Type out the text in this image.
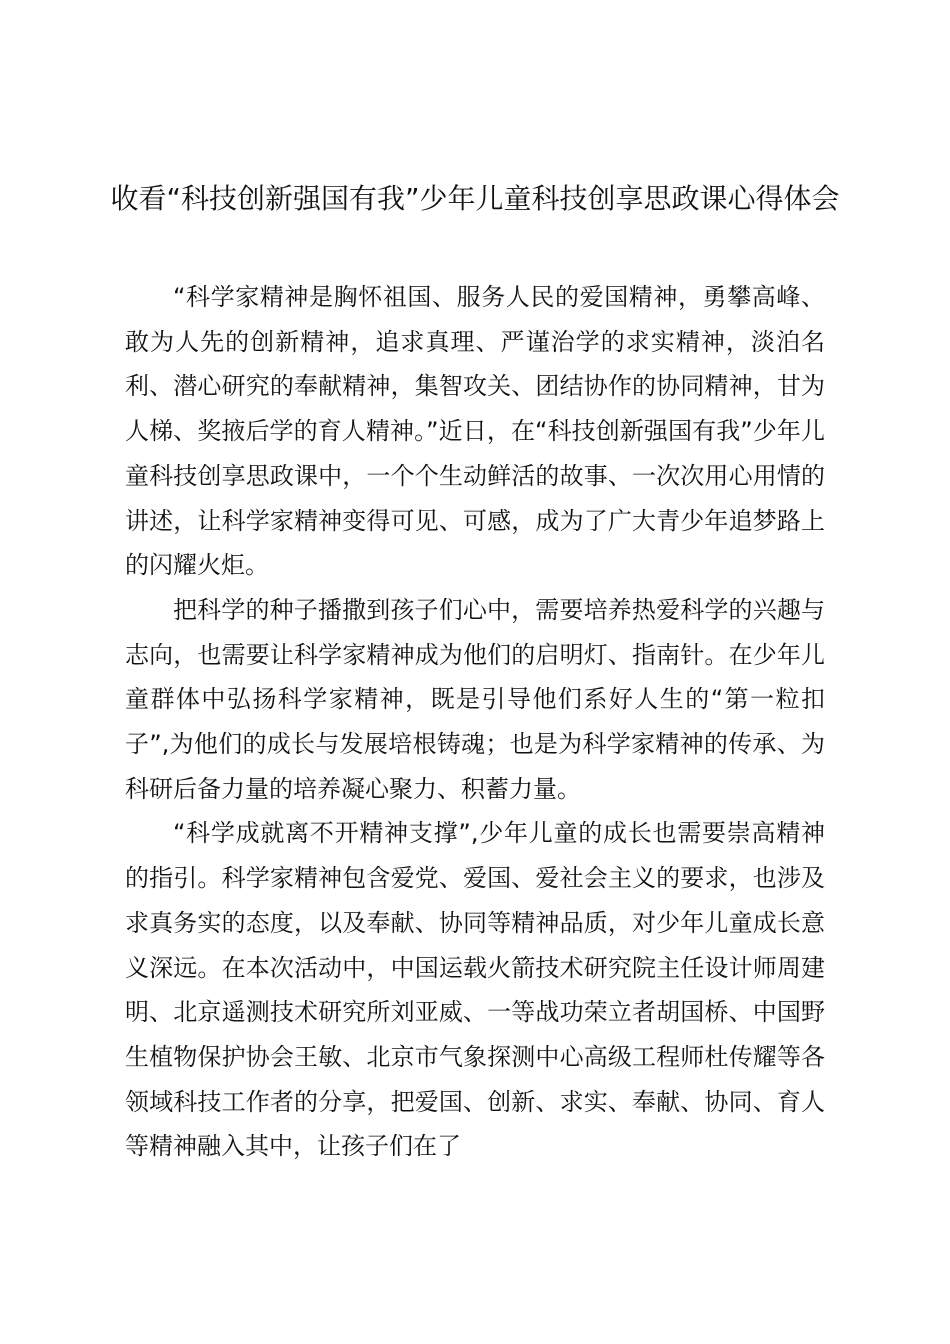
收看“科技创新强国有我”少年儿童科技创享思政课心得体会

“科学家精神是胸怀祖国、服务人民的爱国精神，勇攀高峰、敢为人先的创新精神，追求真理、严谨治学的求实精神，淡泊名利、潜心研究的奉献精神，集智攻关、团结协作的协同精神，甘为人梯、奖掖后学的育人精神。”近日，在“科技创新强国有我”少年儿童科技创享思政课中，一个个生动鲜活的故事、一次次用心用情的讲述，让科学家精神变得可见、可感，成为了广大青少年追梦路上的闪耀火炬。

把科学的种子播撒到孩子们心中，需要培养热爱科学的兴趣与志向，也需要让科学家精神成为他们的启明灯、指南针。在少年儿童群体中弘扬科学家精神，既是引导他们系好人生的“第一粒扣子”,为他们的成长与发展培根铸魂；也是为科学家精神的传承、为科研后备力量的培养凝心聚力、积蓄力量。

“科学成就离不开精神支撑”,少年儿童的成长也需要崇高精神的指引。科学家精神包含爱党、爱国、爱社会主义的要求，也涉及求真务实的态度，以及奉献、协同等精神品质，对少年儿童成长意义深远。在本次活动中，中国运载火箭技术研究院主任设计师周建明、北京遥测技术研究所刘亚威、一等战功荣立者胡国桥、中国野生植物保护协会王敏、北京市气象探测中心高级工程师杜传耀等各领域科技工作者的分享，把爱国、创新、求实、奉献、协同、育人等精神融入其中，让孩子们在了
